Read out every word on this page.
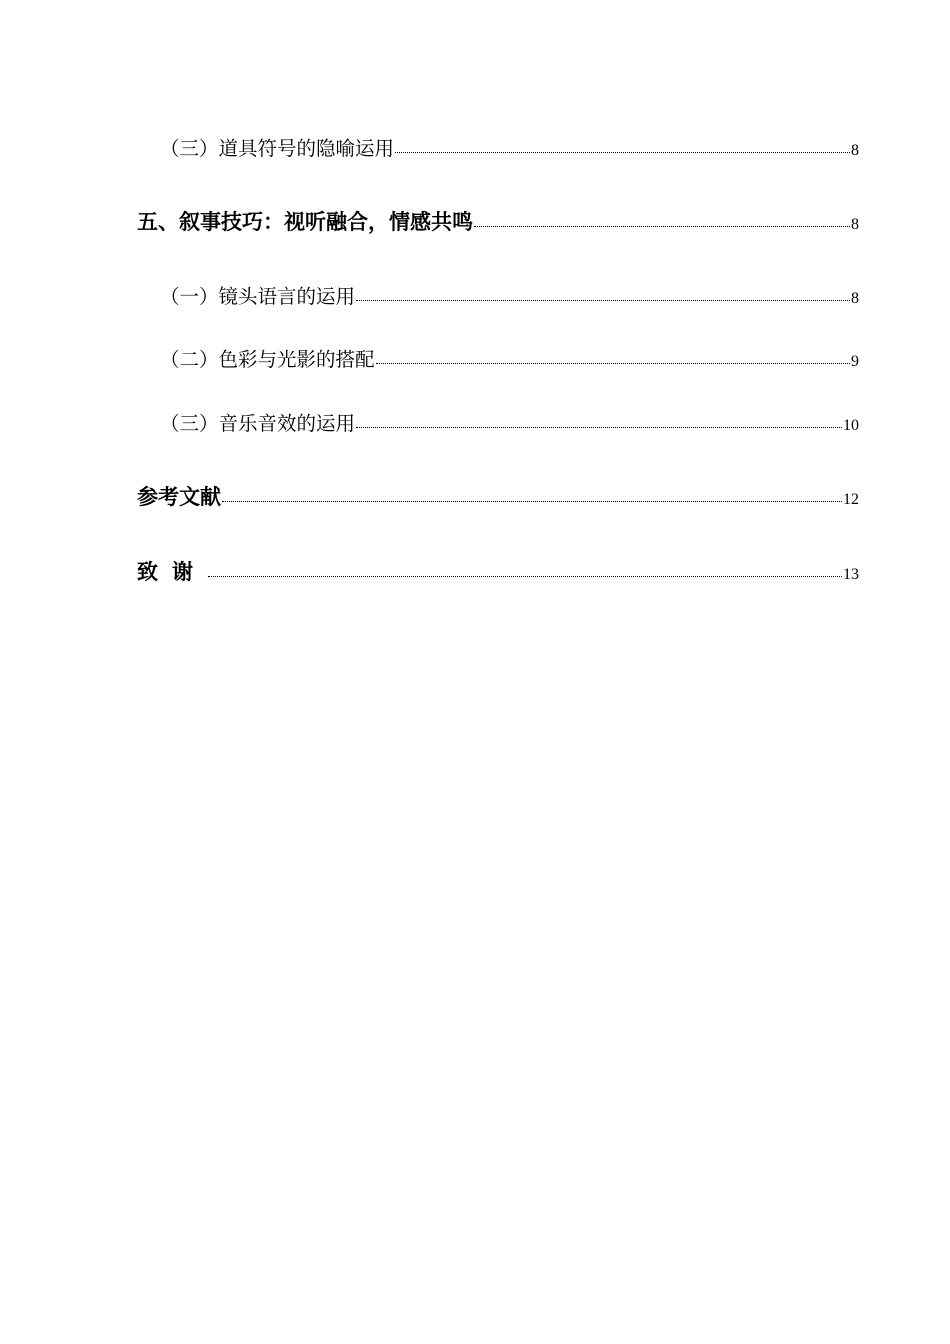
（三）道具符号的隐喻运用	8
五、叙事技巧：视听融合，情感共鸣	8
（一）镜头语言的运用	8
（二）色彩与光影的搭配	9
（三）音乐音效的运用	10
参考文献	12
致谢	13
